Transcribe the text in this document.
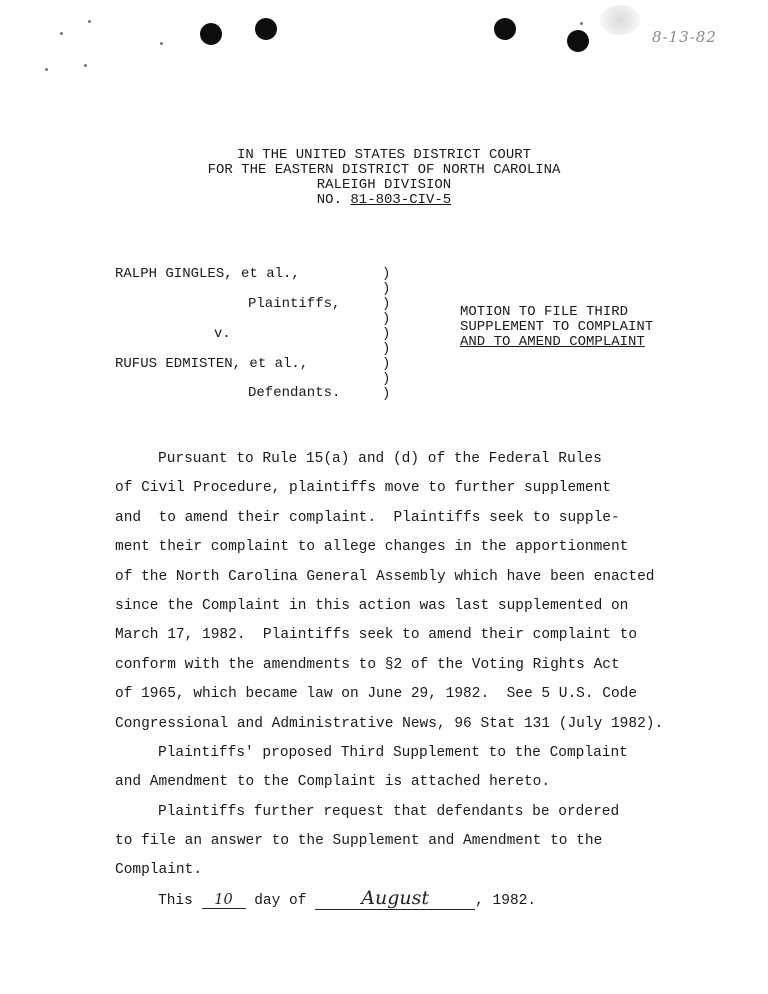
8-13-82
IN THE UNITED STATES DISTRICT COURT
FOR THE EASTERN DISTRICT OF NORTH CAROLINA
RALEIGH DIVISION
NO. 81-803-CIV-5
RALPH GINGLES, et al.,
Plaintiffs,
v.
RUFUS EDMISTEN, et al.,
Defendants.
)
)
)
)
)
)
)
)
)
MOTION TO FILE THIRD
SUPPLEMENT TO COMPLAINT
AND TO AMEND COMPLAINT
Pursuant to Rule 15(a) and (d) of the Federal Rules
of Civil Procedure, plaintiffs move to further supplement
and  to amend their complaint.  Plaintiffs seek to supple-
ment their complaint to allege changes in the apportionment
of the North Carolina General Assembly which have been enacted
since the Complaint in this action was last supplemented on
March 17, 1982.  Plaintiffs seek to amend their complaint to
conform with the amendments to §2 of the Voting Rights Act
of 1965, which became law on June 29, 1982.  See 5 U.S. Code
Congressional and Administrative News, 96 Stat 131 (July 1982).
Plaintiffs' proposed Third Supplement to the Complaint
and Amendment to the Complaint is attached hereto.
Plaintiffs further request that defendants be ordered
to file an answer to the Supplement and Amendment to the
Complaint.
This 10 day of August	, 1982.
